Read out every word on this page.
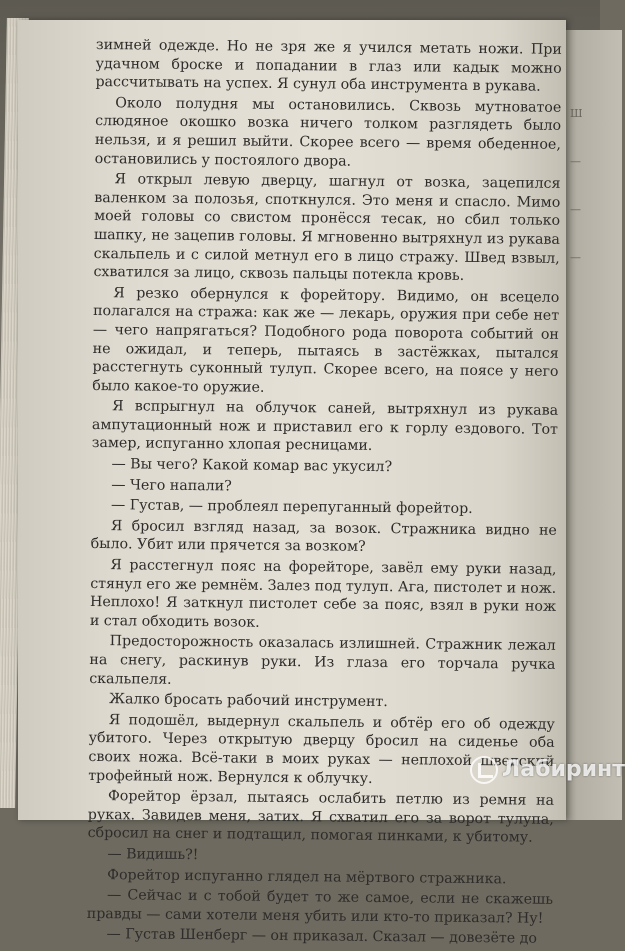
Ш
—
—
—

зимней одежде. Но не зря же я учился метать ножи. При удачном броске и попадании в глаз или кадык можно рассчитывать на успех. Я сунул оба инструмента в рукава.

Около полудня мы остановились. Сквозь мутноватое слюдяное окошко возка ничего толком разглядеть было нельзя, и я решил выйти. Скорее всего — время обеденное, остановились у постоялого двора.

Я открыл левую дверцу, шагнул от возка, зацепился валенком за полозья, споткнулся. Это меня и спасло. Мимо моей головы со свистом пронёсся тесак, но сбил только шапку, не зацепив головы. Я мгновенно вытряхнул из рукава скальпель и с силой метнул его в лицо стражу. Швед взвыл, схватился за лицо, сквозь пальцы потекла кровь.

Я резко обернулся к форейтору. Видимо, он всецело полагался на стража: как же — лекарь, оружия при себе нет — чего напрягаться? Подобного рода поворота событий он не ожидал, и теперь, пытаясь в застёжках, пытался расстегнуть суконный тулуп. Скорее всего, на поясе у него было какое-то оружие.

Я вспрыгнул на облучок саней, вытряхнул из рукава ампутационный нож и приставил его к горлу ездового. Тот замер, испуганно хлопая ресницами.

— Вы чего? Какой комар вас укусил?

— Чего напали?

— Густав, — проблеял перепуганный форейтор.

Я бросил взгляд назад, за возок. Стражника видно не было. Убит или прячется за возком?

Я расстегнул пояс на форейторе, завёл ему руки назад, стянул его же ремнём. Залез под тулуп. Ага, пистолет и нож. Неплохо! Я заткнул пистолет себе за пояс, взял в руки нож и стал обходить возок.

Предосторожность оказалась излишней. Стражник лежал на снегу, раскинув руки. Из глаза его торчала ручка скальпеля.

Жалко бросать рабочий инструмент.

Я подошёл, выдернул скальпель и обтёр его об одежду убитого. Через открытую дверцу бросил на сиденье оба своих ножа. Всё-таки в моих руках — неплохой шведский трофейный нож. Вернулся к облучку.

Форейтор ёрзал, пытаясь ослабить петлю из ремня на руках. Завидев меня, затих. Я схватил его за ворот тулупа, сбросил на снег и подтащил, помогая пинками, к убитому.

— Видишь?!

Форейтор испуганно глядел на мёртвого стражника.

— Сейчас и с тобой будет то же самое, если не скажешь правды — сами хотели меня убить или кто-то приказал? Ну!

— Густав Шенберг — он приказал. Сказал — довезёте до

Лабиринт
